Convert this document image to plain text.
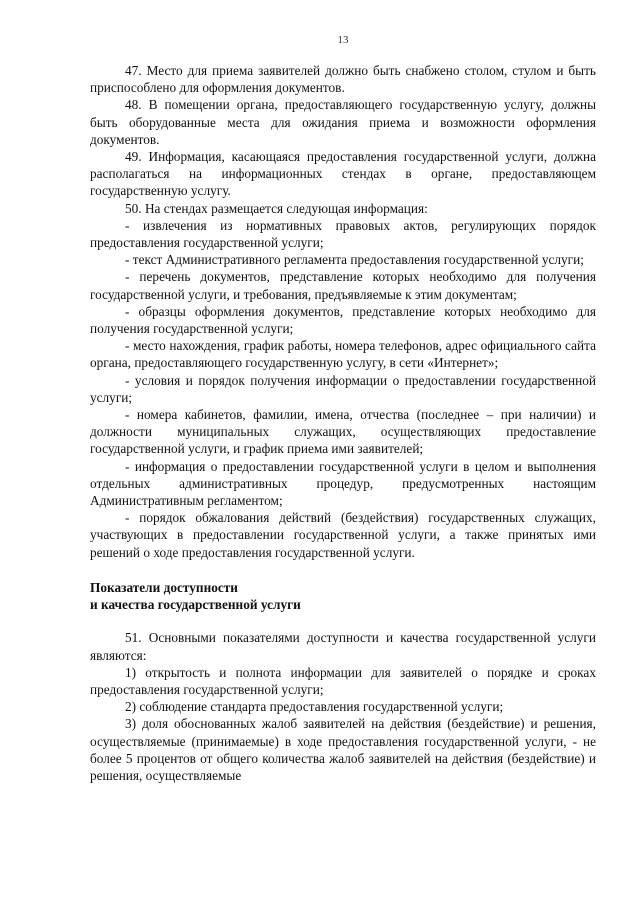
13

47. Место для приема заявителей должно быть снабжено столом, стулом и быть приспособлено для оформления документов.

48. В помещении органа, предоставляющего государственную услугу, должны быть оборудованные места для ожидания приема и возможности оформления документов.

49. Информация, касающаяся предоставления государственной услуги, должна располагаться на информационных стендах в органе, предоставляющем государственную услугу.

50. На стендах размещается следующая информация:

- извлечения из нормативных правовых актов, регулирующих порядок предоставления государственной услуги;

- текст Административного регламента предоставления государственной услуги;

- перечень документов, представление которых необходимо для получения государственной услуги, и требования, предъявляемые к этим документам;

- образцы оформления документов, представление которых необходимо для получения государственной услуги;

- место нахождения, график работы, номера телефонов, адрес официального сайта органа, предоставляющего государственную услугу, в сети «Интернет»;

- условия и порядок получения информации о предоставлении государственной услуги;

- номера кабинетов, фамилии, имена, отчества (последнее – при наличии) и должности муниципальных служащих, осуществляющих предоставление государственной услуги, и график приема ими заявителей;

- информация о предоставлении государственной услуги в целом и выполнения отдельных административных процедур, предусмотренных настоящим Административным регламентом;

- порядок обжалования действий (бездействия) государственных служащих, участвующих в предоставлении государственной услуги, а также принятых ими решений о ходе предоставления государственной услуги.

Показатели доступности

и качества государственной услуги

51. Основными показателями доступности и качества государственной услуги являются:

1) открытость и полнота информации для заявителей о порядке и сроках предоставления государственной услуги;

2) соблюдение стандарта предоставления государственной услуги;

3) доля обоснованных жалоб заявителей на действия (бездействие) и решения, осуществляемые (принимаемые) в ходе предоставления государственной услуги, - не более 5 процентов от общего количества жалоб заявителей на действия (бездействие) и решения, осуществляемые
